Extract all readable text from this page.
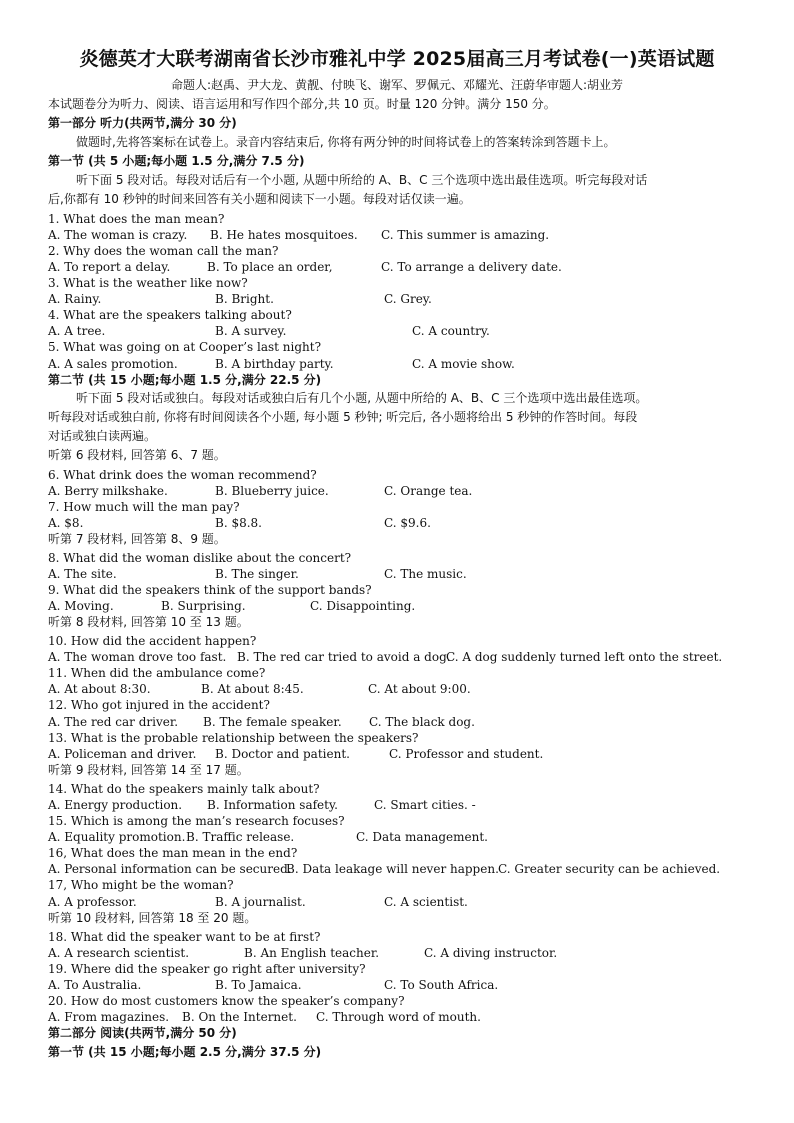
炎德英才大联考湖南省长沙市雅礼中学 2025届高三月考试卷(一)英语试题
命题人:赵禹、尹大龙、黄靓、付映飞、谢军、罗佩元、邓耀光、汪蔚华审题人:胡业芳
本试题卷分为听力、阅读、语言运用和写作四个部分,共 10 页。时量 120 分钟。满分 150 分。
第一部分 听力(共两节,满分 30 分)
做题时,先将答案标在试卷上。录音内容结束后, 你将有两分钟的时间将试卷上的答案转涂到答题卡上。
第一节 (共 5 小题;每小题 1.5 分,满分 7.5 分)
听下面 5 段对话。每段对话后有一个小题, 从题中所给的 A、B、C 三个选项中选出最佳选项。听完每段对话
后,你都有 10 秒钟的时间来回答有关小题和阅读下一小题。每段对话仅读一遍。
1. What does the man mean?
A. The woman is crazy. B. He hates mosquitoes. C. This summer is amazing.
2. Why does the woman call the man?
A. To report a delay.	B. To place an order,	C. To arrange a delivery date.
3. What is the weather like now?
A. Rainy.	B. Bright.	C. Grey.
4. What are the speakers talking about?
A. A tree.	B. A survey.	C. A country.
5. What was going on at Cooper’s last night?
A. A sales promotion.	B. A birthday party.	C. A movie show.
第二节 (共 15 小题;每小题 1.5 分,满分 22.5 分)
听下面 5 段对话或独白。每段对话或独白后有几个小题, 从题中所给的 A、B、C 三个选项中选出最佳选项。
听每段对话或独白前, 你将有时间阅读各个小题, 每小题 5 秒钟; 听完后, 各小题将给出 5 秒钟的作答时间。每段
对话或独白读两遍。
听第 6 段材料, 回答第 6、7 题。
6. What drink does the woman recommend?
A. Berry milkshake.	B. Blueberry juice.	C. Orange tea.
7. How much will the man pay?
A. $8.	B. $8.8.	C. $9.6.
听第 7 段材料, 回答第 8、9 题。
8. What did the woman dislike about the concert?
A. The site.	B. The singer.	C. The music.
9. What did the speakers think of the support bands?
A. Moving.	B. Surprising.	C. Disappointing.
听第 8 段材料, 回答第 10 至 13 题。
10. How did the accident happen?
A. The woman drove too fast. B. The red car tried to avoid a dog.
C. A dog suddenly turned left onto the street.
11. When did the ambulance come?
A. At about 8:30.	B. At about 8:45.	C. At about 9:00.
12. Who got injured in the accident?
A. The red car driver. B. The female speaker. C. The black dog.
13. What is the probable relationship between the speakers?
A. Policeman and driver. B. Doctor and patient.	C. Professor and student.
听第 9 段材料, 回答第 14 至 17 题。
14. What do the speakers mainly talk about?
A. Energy production. B. Information safety.	C. Smart cities. -
15. Which is among the man’s research focuses?
A. Equality promotion. B. Traffic release.	C. Data management.
16, What does the man mean in the end?
A. Personal information can be secured.
B. Data leakage will never happen. C. Greater security can be achieved.
17, Who might be the woman?
A. A professor.	B. A journalist.	C. A scientist.
听第 10 段材料, 回答第 18 至 20 题。
18. What did the speaker want to be at first?
A. A research scientist.	B. An English teacher.	C. A diving instructor.
19. Where did the speaker go right after university?
A. To Australia.	B. To Jamaica.	C. To South Africa.
20. How do most customers know the speaker’s company?
A. From magazines. B. On the Internet. C. Through word of mouth.
第二部分 阅读(共两节,满分 50 分)
第一节 (共 15 小题;每小题 2.5 分,满分 37.5 分)
